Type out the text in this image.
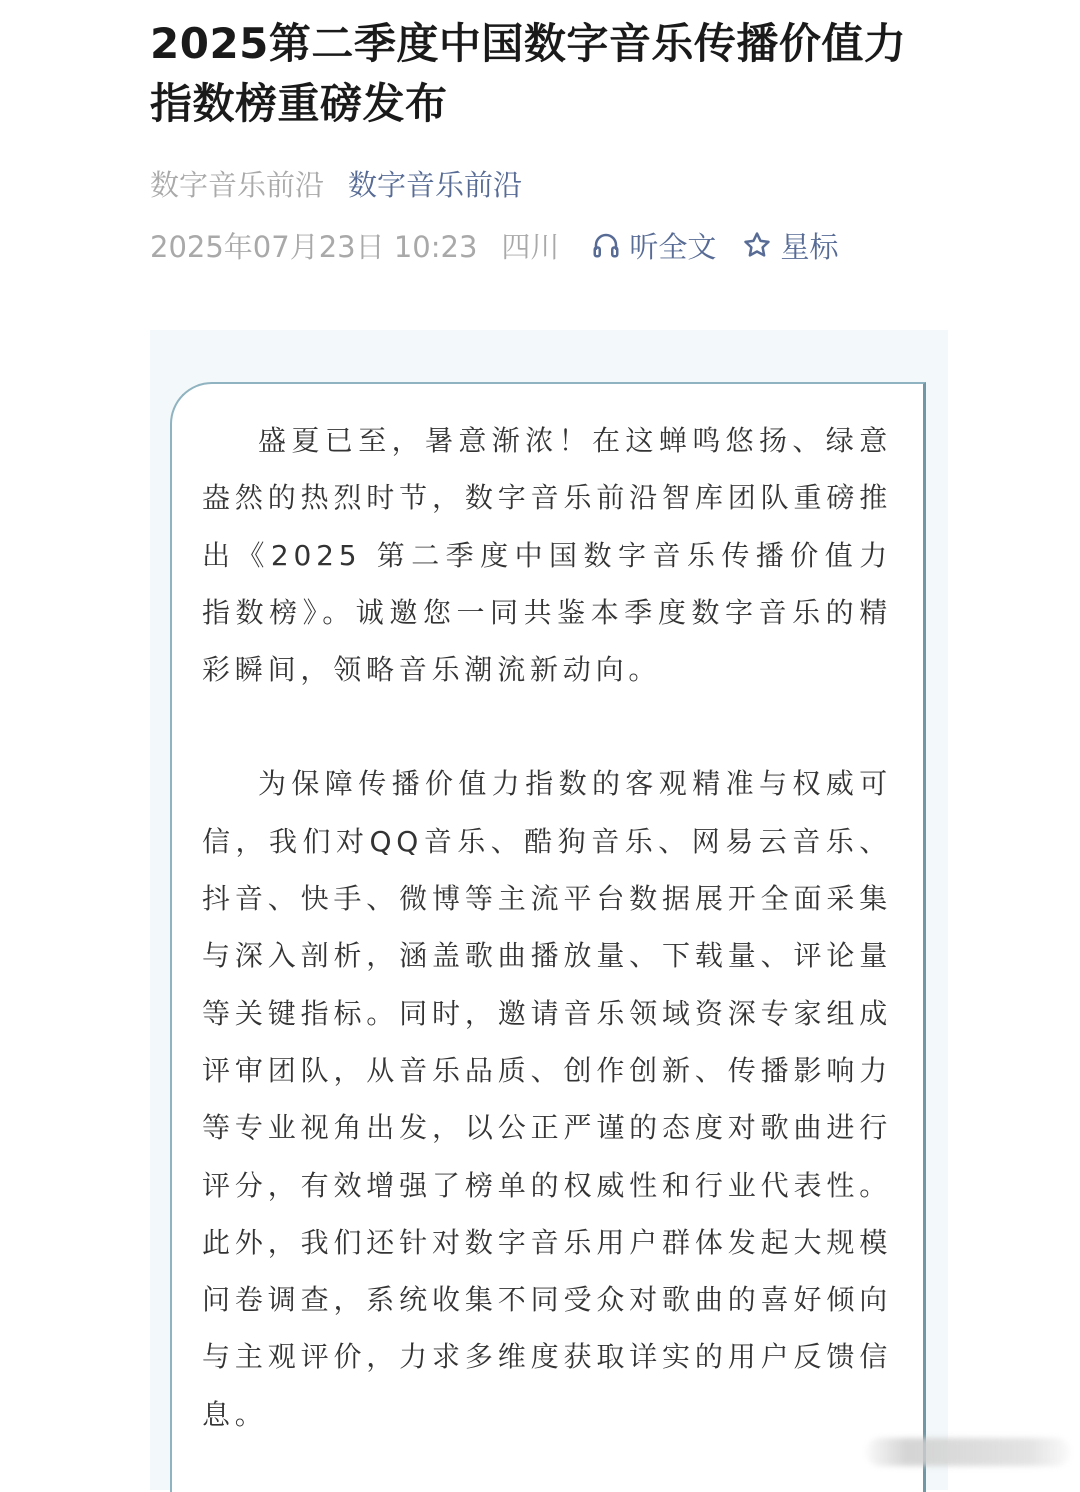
2025第二季度中国数字音乐传播价值力指数榜重磅发布
数字音乐前沿 数字音乐前沿
2025年07月23日 10:23 四川 听全文 星标

盛夏已至，暑意渐浓！在这蝉鸣悠扬、绿意盎然的热烈时节，数字音乐前沿智库团队重磅推出《2025 第二季度中国数字音乐传播价值力指数榜》。诚邀您一同共鉴本季度数字音乐的精彩瞬间，领略音乐潮流新动向。

为保障传播价值力指数的客观精准与权威可信，我们对QQ音乐、酷狗音乐、网易云音乐、抖音、快手、微博等主流平台数据展开全面采集与深入剖析，涵盖歌曲播放量、下载量、评论量等关键指标。同时，邀请音乐领域资深专家组成评审团队，从音乐品质、创作创新、传播影响力等专业视角出发，以公正严谨的态度对歌曲进行评分，有效增强了榜单的权威性和行业代表性。此外，我们还针对数字音乐用户群体发起大规模问卷调查，系统收集不同受众对歌曲的喜好倾向与主观评价，力求多维度获取详实的用户反馈信息。
